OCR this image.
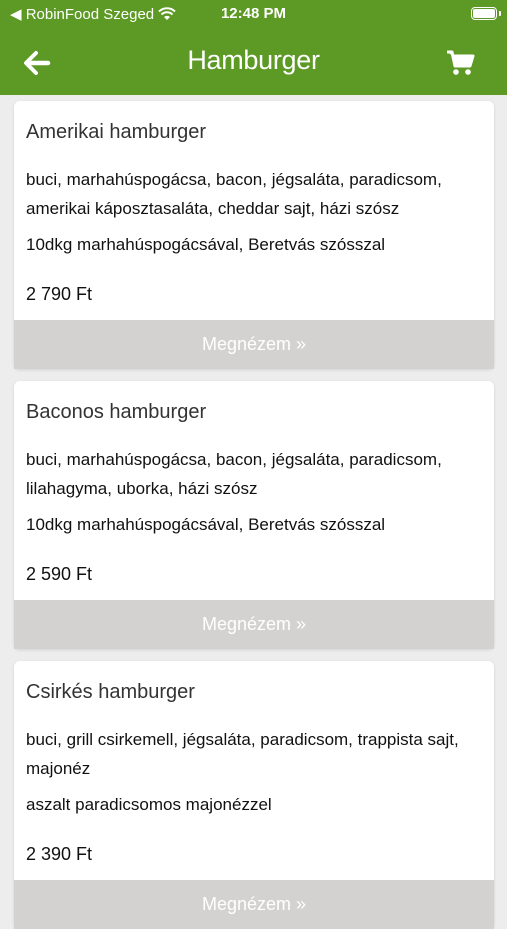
◀ RobinFood Szeged	12:48 PM
Hamburger
Amerikai hamburger
buci, marhahúspogácsa, bacon, jégsaláta, paradicsom, amerikai káposztasaláta, cheddar sajt, házi szósz
10dkg marhahúspogácsával, Beretvás szósszal
2 790 Ft
Megnézem »
Baconos hamburger
buci, marhahúspogácsa, bacon, jégsaláta, paradicsom, lilahagyma, uborka, házi szósz
10dkg marhahúspogácsával, Beretvás szósszal
2 590 Ft
Megnézem »
Csirkés hamburger
buci, grill csirkemell, jégsaláta, paradicsom, trappista sajt, majonéz
aszalt paradicsomos majonézzel
2 390 Ft
Megnézem »
